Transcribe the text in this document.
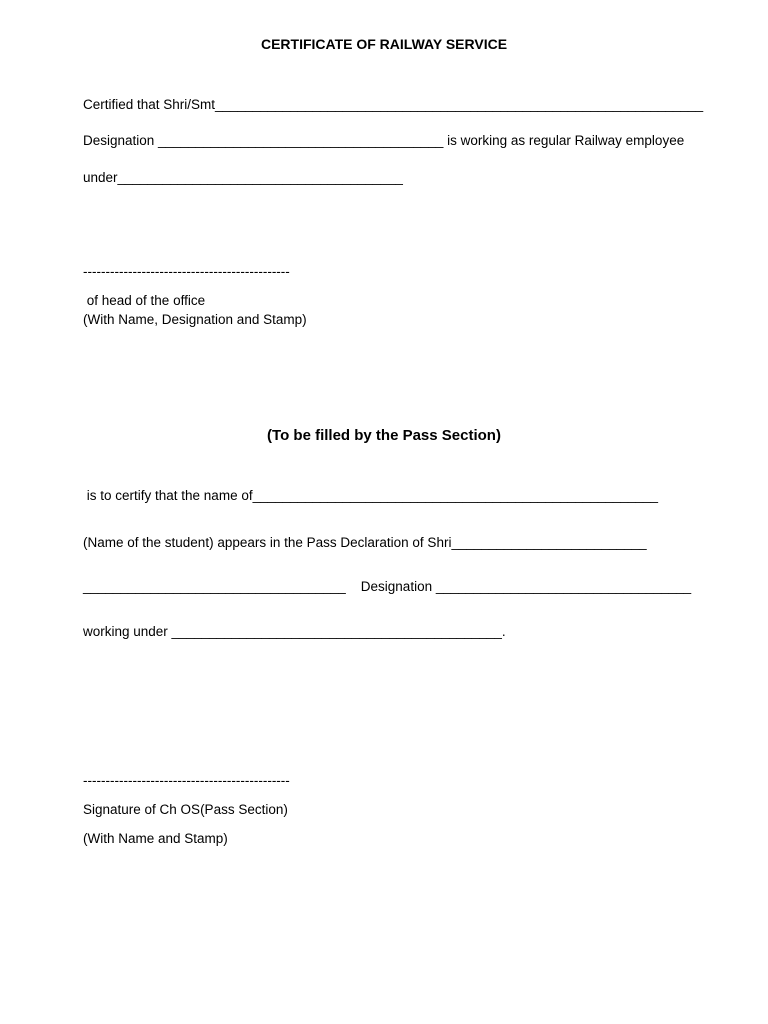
CERTIFICATE OF RAILWAY SERVICE
Certified that Shri/Smt_________________________________________________________________
Designation ______________________________________ is working as regular Railway employee
under______________________________________
----------------------------------------------
of head of the office
(With Name, Designation and Stamp)
(To be filled by the Pass Section)
is to certify that the name of______________________________________________________
(Name of the student) appears in the Pass Declaration of Shri__________________________
___________________________________    Designation __________________________________
working under ____________________________________________.
----------------------------------------------
Signature of Ch OS(Pass Section)
(With Name and Stamp)
